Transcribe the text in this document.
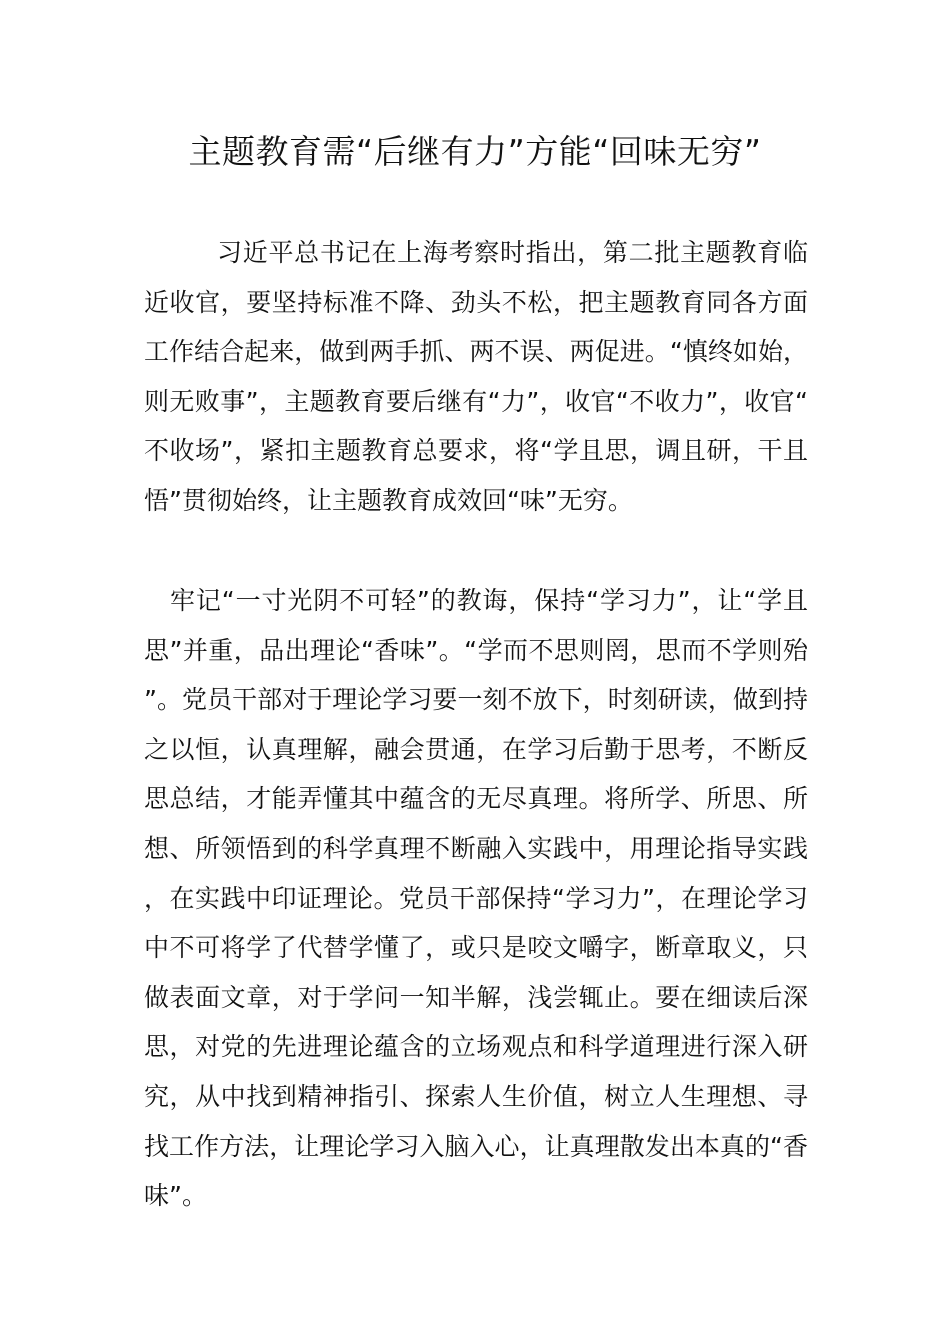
主题教育需“后继有力”方能“回味无穷”

习近平总书记在上海考察时指出，第二批主题教育临近收官，要坚持标准不降、劲头不松，把主题教育同各方面工作结合起来，做到两手抓、两不误、两促进。“慎终如始，则无败事”，主题教育要后继有“力”，收官“不收力”，收官“不收场”，紧扣主题教育总要求，将“学且思，调且研，干且悟”贯彻始终，让主题教育成效回“味”无穷。

牢记“一寸光阴不可轻”的教诲，保持“学习力”，让“学且思”并重，品出理论“香味”。“学而不思则罔，思而不学则殆”。党员干部对于理论学习要一刻不放下，时刻研读，做到持之以恒，认真理解，融会贯通，在学习后勤于思考，不断反思总结，才能弄懂其中蕴含的无尽真理。将所学、所思、所想、所领悟到的科学真理不断融入实践中，用理论指导实践，在实践中印证理论。党员干部保持“学习力”，在理论学习中不可将学了代替学懂了，或只是咬文嚼字，断章取义，只做表面文章，对于学问一知半解，浅尝辄止。要在细读后深思，对党的先进理论蕴含的立场观点和科学道理进行深入研究，从中找到精神指引、探索人生价值，树立人生理想、寻找工作方法，让理论学习入脑入心，让真理散发出本真的“香味”。
